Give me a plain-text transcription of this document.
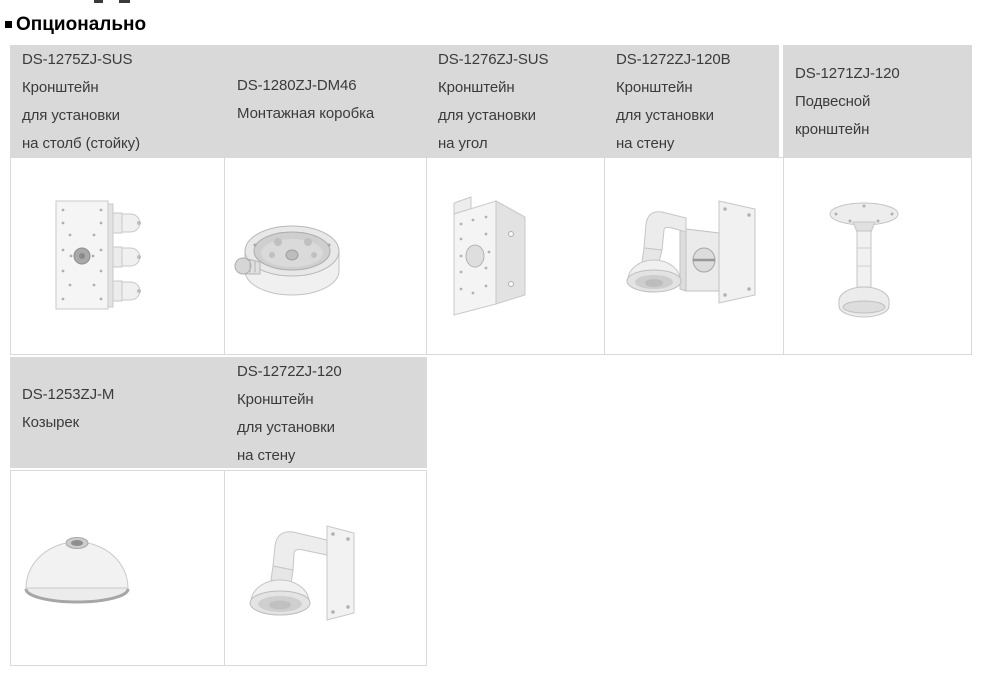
Опционально
DS-1275ZJ-SUS
Кронштейн
для установки
на столб (стойку)
DS-1280ZJ-DM46
Монтажная коробка
DS-1276ZJ-SUS
Кронштейн
для установки
на угол
DS-1272ZJ-120B
Кронштейн
для установки
на стену
DS-1271ZJ-120
Подвесной
кронштейн
DS-1253ZJ-M
Козырек
DS-1272ZJ-120
Кронштейн
для установки
на стену
